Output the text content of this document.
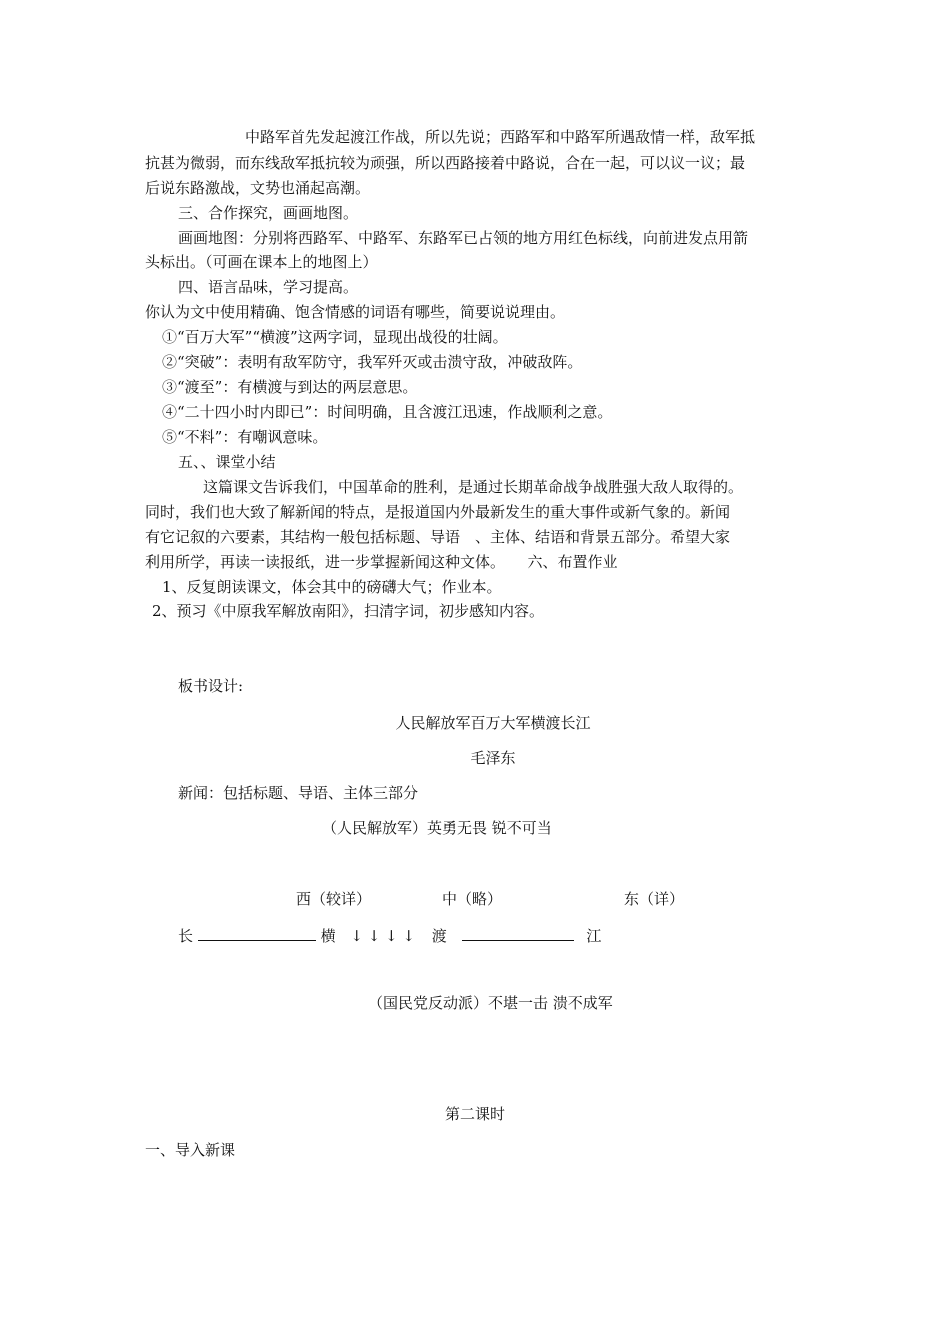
中路军首先发起渡江作战，所以先说；西路军和中路军所遇敌情一样，敌军抵
抗甚为微弱，而东线敌军抵抗较为顽强，所以西路接着中路说，合在一起，可以议一议；最
后说东路激战，文势也涌起高潮。
三、合作探究，画画地图。
画画地图：分别将西路军、中路军、东路军已占领的地方用红色标线，向前进发点用箭
头标出。（可画在课本上的地图上）
四、语言品味，学习提高。
你认为文中使用精确、饱含情感的词语有哪些，简要说说理由。
①“百万大军”“横渡”这两字词，显现出战役的壮阔。
②“突破”：表明有敌军防守，我军歼灭或击溃守敌，冲破敌阵。
③“渡至”：有横渡与到达的两层意思。
④“二十四小时内即已”：时间明确，且含渡江迅速，作战顺利之意。
⑤“不料”：有嘲讽意味。
五、、课堂小结
这篇课文告诉我们，中国革命的胜利，是通过长期革命战争战胜强大敌人取得的。
同时，我们也大致了解新闻的特点，是报道国内外最新发生的重大事件或新气象的。新闻
有它记叙的六要素，其结构一般包括标题、导语　、主体、结语和背景五部分。希望大家
利用所学，再读一读报纸，进一步掌握新闻这种文体。　　六、布置作业
1、反复朗读课文，体会其中的磅礴大气；作业本。
2、预习《中原我军解放南阳》，扫清字词，初步感知内容。
板书设计:
人民解放军百万大军横渡长江
毛泽东
新闻：包括标题、导语、主体三部分
（人民解放军）英勇无畏 锐不可当
西（较详）	中（略）	东（详）
长	横 ↓ ↓ ↓ ↓ 渡	江
（国民党反动派）不堪一击 溃不成军
第二课时
一、导入新课
